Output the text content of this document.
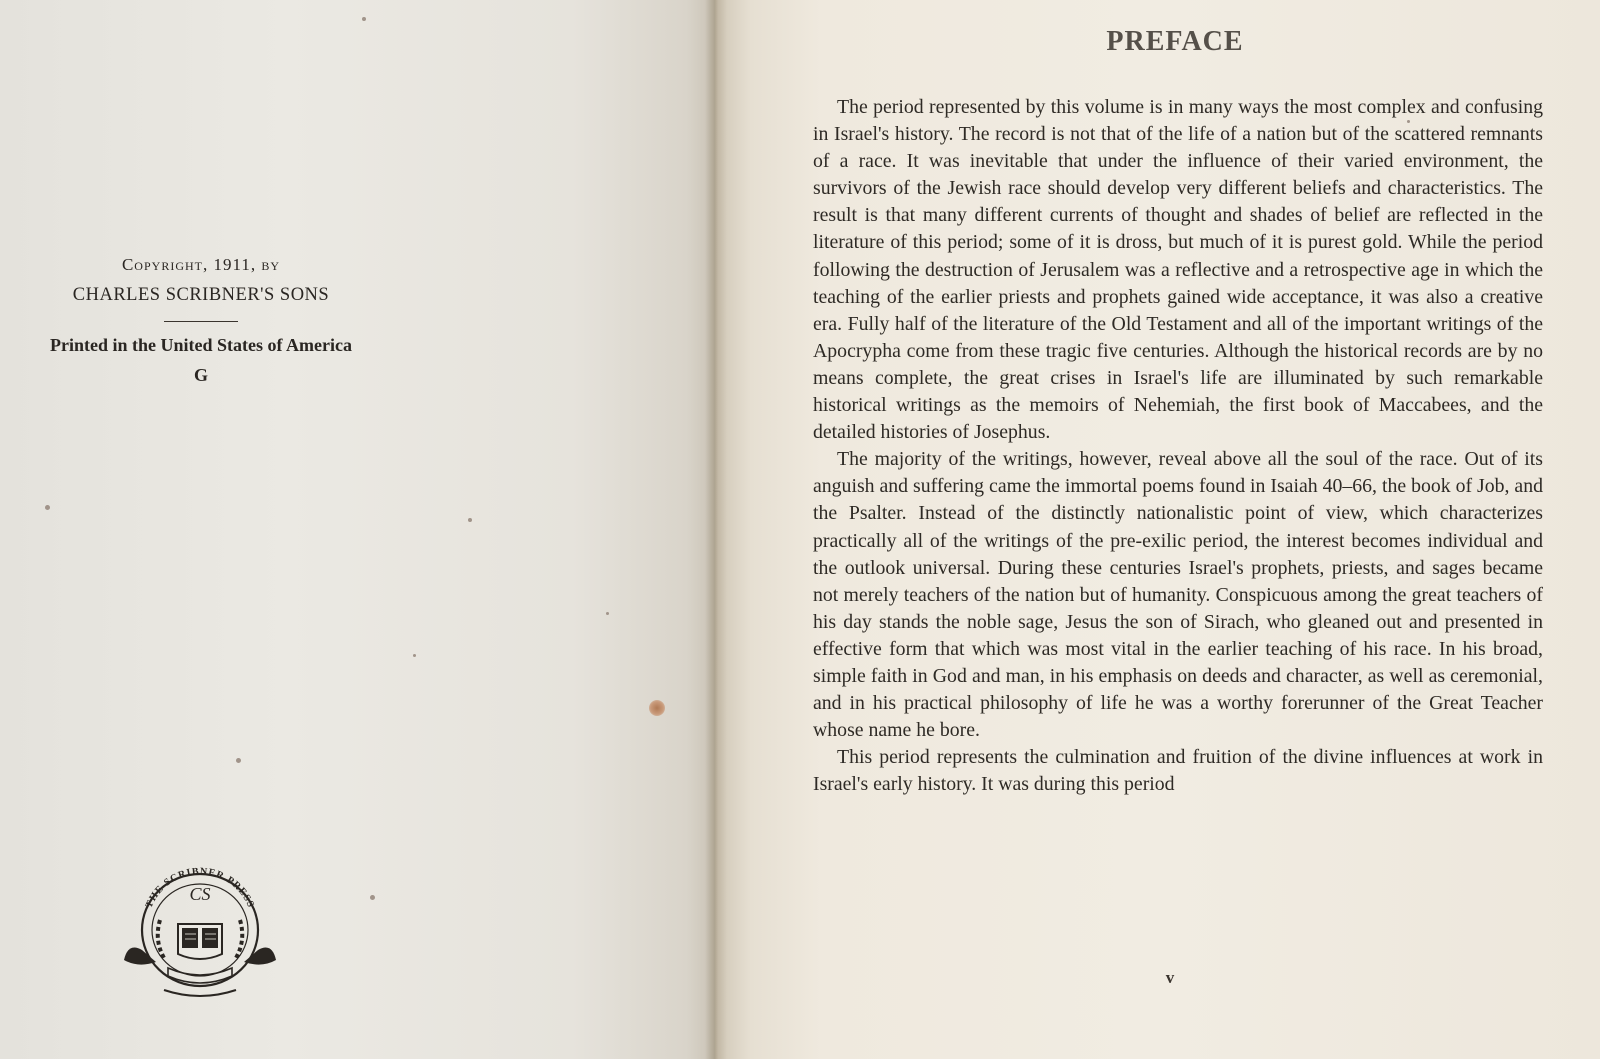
Copyright, 1911, by

CHARLES SCRIBNER'S SONS

Printed in the United States of America

G

THE SCRIBNER PRESS
CS
PREFACE

The period represented by this volume is in many ways the most complex and confusing in Israel's history. The record is not that of the life of a nation but of the scattered remnants of a race. It was inevitable that under the influence of their varied environment, the survivors of the Jewish race should develop very different beliefs and characteristics. The result is that many different currents of thought and shades of belief are reflected in the literature of this period; some of it is dross, but much of it is purest gold. While the period following the destruction of Jerusalem was a reflective and a retrospective age in which the teaching of the earlier priests and prophets gained wide acceptance, it was also a creative era. Fully half of the literature of the Old Testament and all of the important writings of the Apocrypha come from these tragic five centuries. Although the historical records are by no means complete, the great crises in Israel's life are illuminated by such remarkable historical writings as the memoirs of Nehemiah, the first book of Maccabees, and the detailed histories of Josephus.

The majority of the writings, however, reveal above all the soul of the race. Out of its anguish and suffering came the immortal poems found in Isaiah 40–66, the book of Job, and the Psalter. Instead of the distinctly nationalistic point of view, which characterizes practically all of the writings of the pre-exilic period, the interest becomes individual and the outlook universal. During these centuries Israel's prophets, priests, and sages became not merely teachers of the nation but of humanity. Conspicuous among the great teachers of his day stands the noble sage, Jesus the son of Sirach, who gleaned out and presented in effective form that which was most vital in the earlier teaching of his race. In his broad, simple faith in God and man, in his emphasis on deeds and character, as well as ceremonial, and in his practical philosophy of life he was a worthy forerunner of the Great Teacher whose name he bore.

This period represents the culmination and fruition of the divine influences at work in Israel's early history. It was during this period

v
